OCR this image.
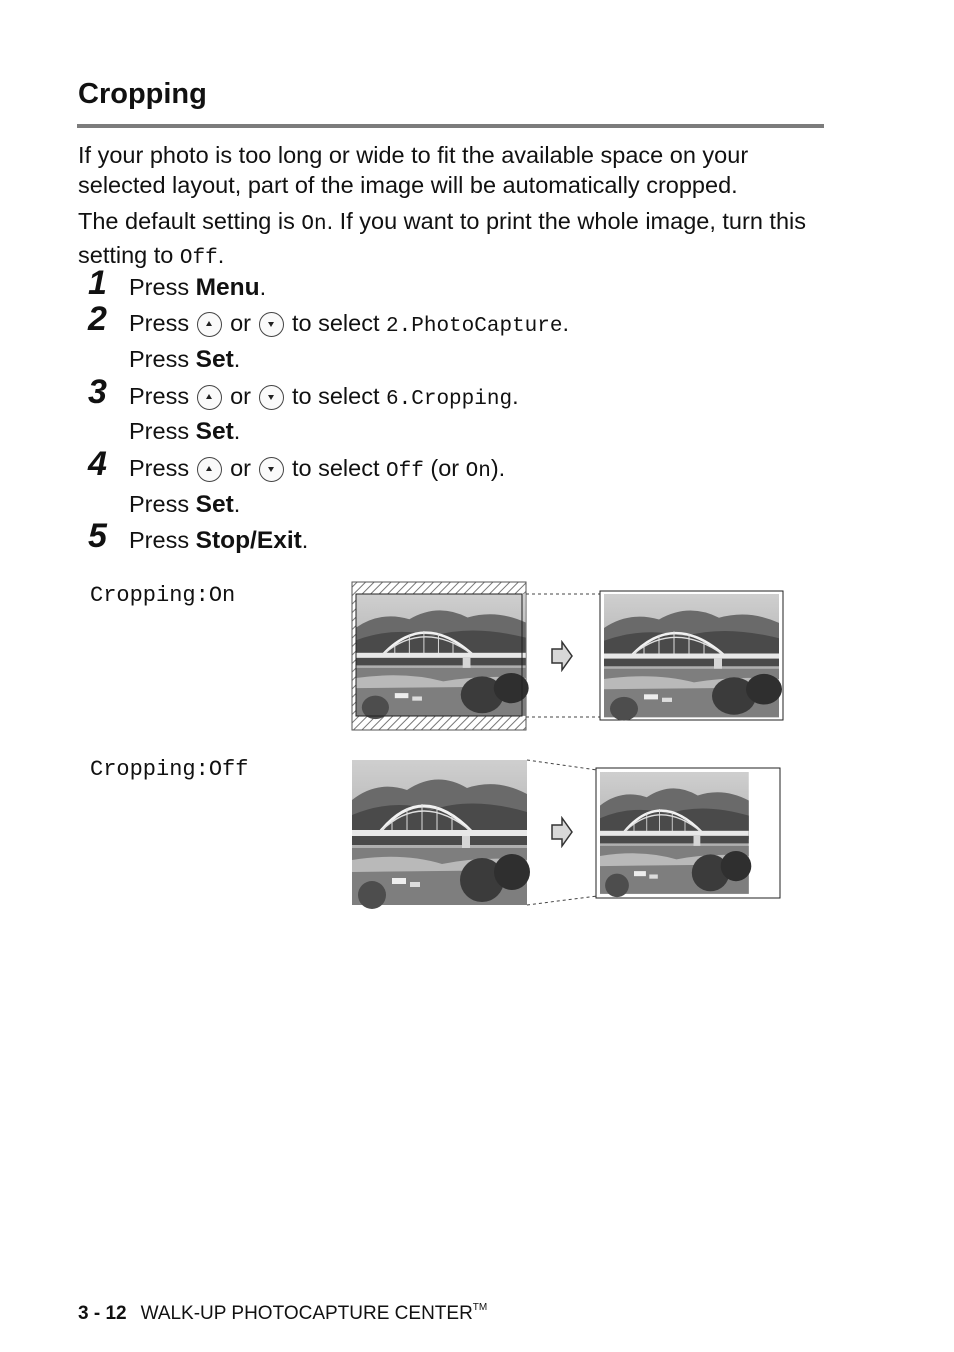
Cropping

If your photo is too long or wide to fit the available space on your selected layout, part of the image will be automatically cropped.

The default setting is On. If you want to print the whole image, turn this setting to Off.

1 Press Menu.
2 Press or to select 2.PhotoCapture.
Press Set.
3 Press or to select 6.Cropping.
Press Set.
4 Press or to select Off (or On).
Press Set.
5 Press Stop/Exit.
Cropping:On
Cropping:Off
3 - 12 WALK-UP PHOTOCAPTURE CENTER™
